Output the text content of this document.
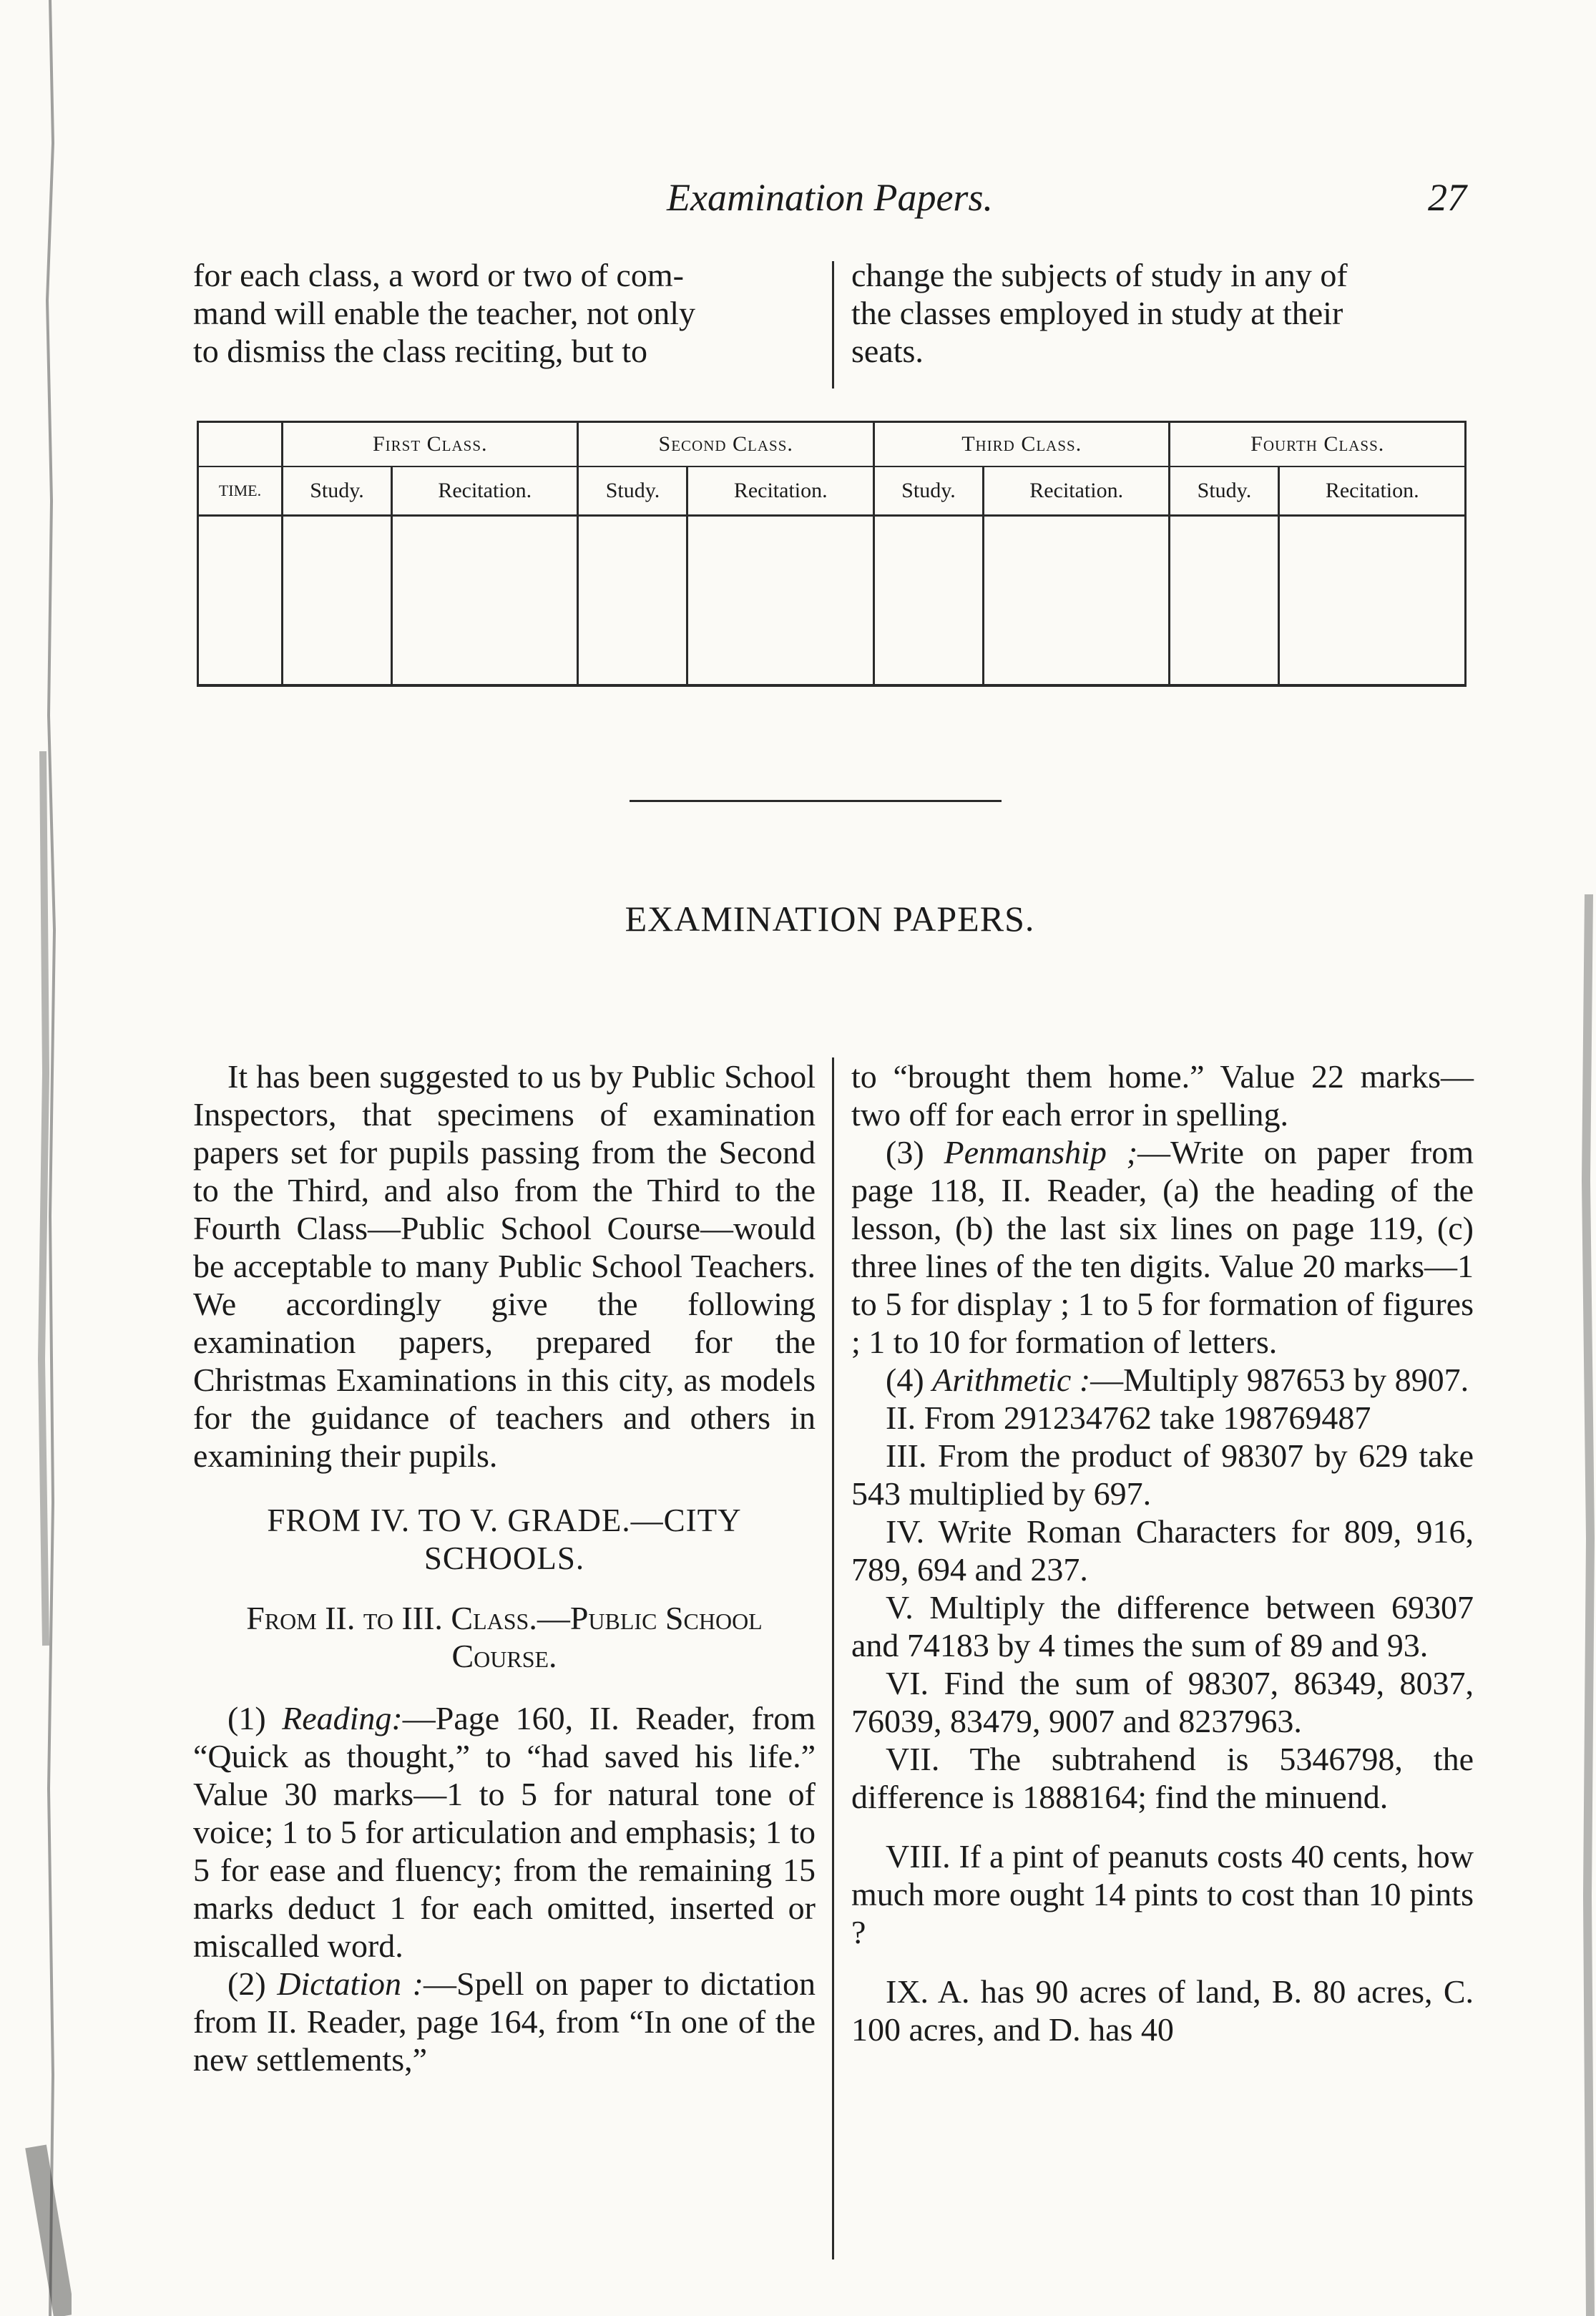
Examination Papers.	27
for each class, a word or two of com-
mand will enable the teacher, not only
to dismiss the class reciting, but to
change the subjects of study in any of
the classes employed in study at their
seats.
	First Class.		Second Class.		Third Class.		Fourth Class.	
TIME.	Study.	Recitation.	Study.	Recitation.	Study.	Recitation.	Study.	Recitation.

EXAMINATION PAPERS.

It has been suggested to us by Public School Inspectors, that specimens of examination papers set for pupils passing from the Second to the Third, and also from the Third to the Fourth Class—Public School Course—would be acceptable to many Public School Teachers. We accordingly give the following examination papers, prepared for the Christmas Examinations in this city, as models for the guidance of teachers and others in examining their pupils.

FROM IV. TO V. GRADE.—CITY SCHOOLS.

From II. to III. Class.—Public School Course.

(1) Reading:—Page 160, II. Reader, from “Quick as thought,” to “had saved his life.” Value 30 marks—1 to 5 for natural tone of voice; 1 to 5 for articulation and emphasis; 1 to 5 for ease and fluency; from the remaining 15 marks deduct 1 for each omitted, inserted or miscalled word.

(2) Dictation :—Spell on paper to dictation from II. Reader, page 164, from “In one of the new settlements,”

to “brought them home.” Value 22 marks—two off for each error in spelling.

(3) Penmanship ;—Write on paper from page 118, II. Reader, (a) the heading of the lesson, (b) the last six lines on page 119, (c) three lines of the ten digits. Value 20 marks—1 to 5 for display ; 1 to 5 for formation of figures ; 1 to 10 for formation of letters.

(4) Arithmetic :—Multiply 987653 by 8907.

II. From 291234762 take 198769487

III. From the product of 98307 by 629 take 543 multiplied by 697.

IV. Write Roman Characters for 809, 916, 789, 694 and 237.

V. Multiply the difference between 69307 and 74183 by 4 times the sum of 89 and 93.

VI. Find the sum of 98307, 86349, 8037, 76039, 83479, 9007 and 8237963.

VII. The subtrahend is 5346798, the difference is 1888164; find the minuend.

VIII. If a pint of peanuts costs 40 cents, how much more ought 14 pints to cost than 10 pints ?

IX. A. has 90 acres of land, B. 80 acres, C. 100 acres, and D. has 40
